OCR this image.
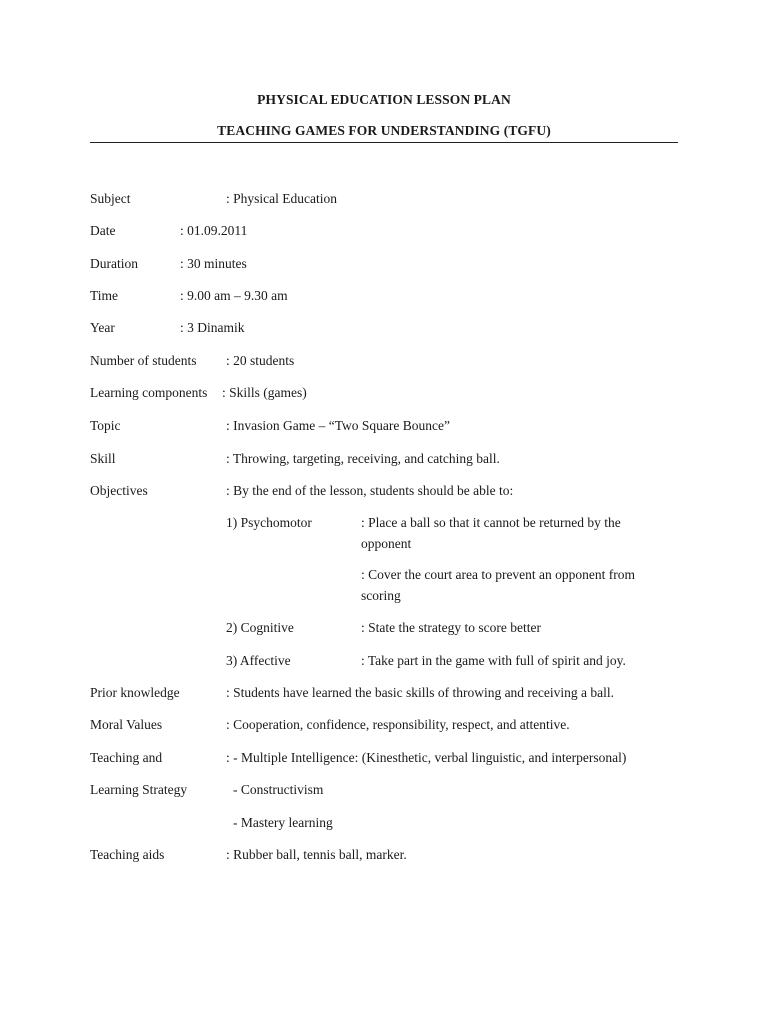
PHYSICAL EDUCATION LESSON PLAN
TEACHING GAMES FOR UNDERSTANDING (TGFU)
Subject	: Physical Education
Date	: 01.09.2011
Duration	: 30 minutes
Time	: 9.00 am – 9.30 am
Year	: 3 Dinamik
Number of students : 20 students
Learning components : Skills (games)
Topic	: Invasion Game – “Two Square Bounce”
Skill	: Throwing, targeting, receiving, and catching ball.
Objectives	: By the end of the lesson, students should be able to:
1) Psychomotor	: Place a ball so that it cannot be returned by the
opponent
: Cover the court area to prevent an opponent from
scoring
2) Cognitive	: State the strategy to score better
3) Affective	: Take part in the game with full of spirit and joy.
Prior knowledge	: Students have learned the basic skills of throwing and receiving a ball.
Moral Values	: Cooperation, confidence, responsibility, respect, and attentive.
Teaching and	: - Multiple Intelligence: (Kinesthetic, verbal linguistic, and interpersonal)
Learning Strategy	- Constructivism
- Mastery learning
Teaching aids	: Rubber ball, tennis ball, marker.
